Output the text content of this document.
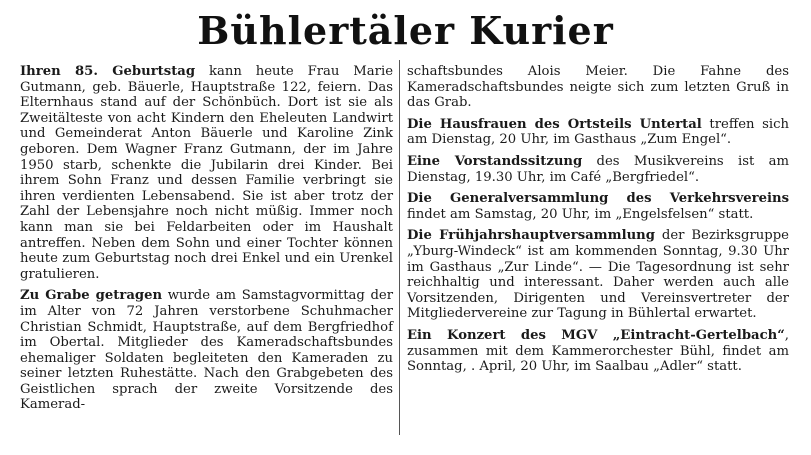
Bühlertäler Kurier

Ihren 85. Geburtstag kann heute Frau Marie Gutmann, geb. Bäuerle, Hauptstraße 122, feiern. Das Elternhaus stand auf der Schönbüch. Dort ist sie als Zweitälteste von acht Kindern den Eheleuten Landwirt und Gemeinderat Anton Bäuerle und Karoline Zink geboren. Dem Wagner Franz Gutmann, der im Jahre 1950 starb, schenkte die Jubilarin drei Kinder. Bei ihrem Sohn Franz und dessen Familie verbringt sie ihren verdienten Lebensabend. Sie ist aber trotz der Zahl der Lebensjahre noch nicht müßig. Immer noch kann man sie bei Feldarbeiten oder im Haushalt antreffen. Neben dem Sohn und einer Tochter können heute zum Geburtstag noch drei Enkel und ein Urenkel gratulieren.

Zu Grabe getragen wurde am Samstagvormittag der im Alter von 72 Jahren verstorbene Schuhmacher Christian Schmidt, Hauptstraße, auf dem Bergfriedhof im Obertal. Mitglieder des Kameradschaftsbundes ehemaliger Soldaten begleiteten den Kameraden zu seiner letzten Ruhestätte. Nach den Grabgebeten des Geistlichen sprach der zweite Vorsitzende des Kamerad-

schaftsbundes Alois Meier. Die Fahne des Kameradschaftsbundes neigte sich zum letzten Gruß in das Grab.

Die Hausfrauen des Ortsteils Untertal treffen sich am Dienstag, 20 Uhr, im Gasthaus „Zum Engel“.

Eine Vorstandssitzung des Musikvereins ist am Dienstag, 19.30 Uhr, im Café „Bergfriedel“.

Die Generalversammlung des Verkehrsvereins findet am Samstag, 20 Uhr, im „Engelsfelsen“ statt.

Die Frühjahrshauptversammlung der Bezirksgruppe „Yburg-Windeck“ ist am kommenden Sonntag, 9.30 Uhr im Gasthaus „Zur Linde“. — Die Tagesordnung ist sehr reichhaltig und interessant. Daher werden auch alle Vorsitzenden, Dirigenten und Vereinsvertreter der Mitgliedervereine zur Tagung in Bühlertal erwartet.

Ein Konzert des MGV „Eintracht-Gertelbach“, zusammen mit dem Kammerorchester Bühl, findet am Sonntag, . April, 20 Uhr, im Saalbau „Adler“ statt.
